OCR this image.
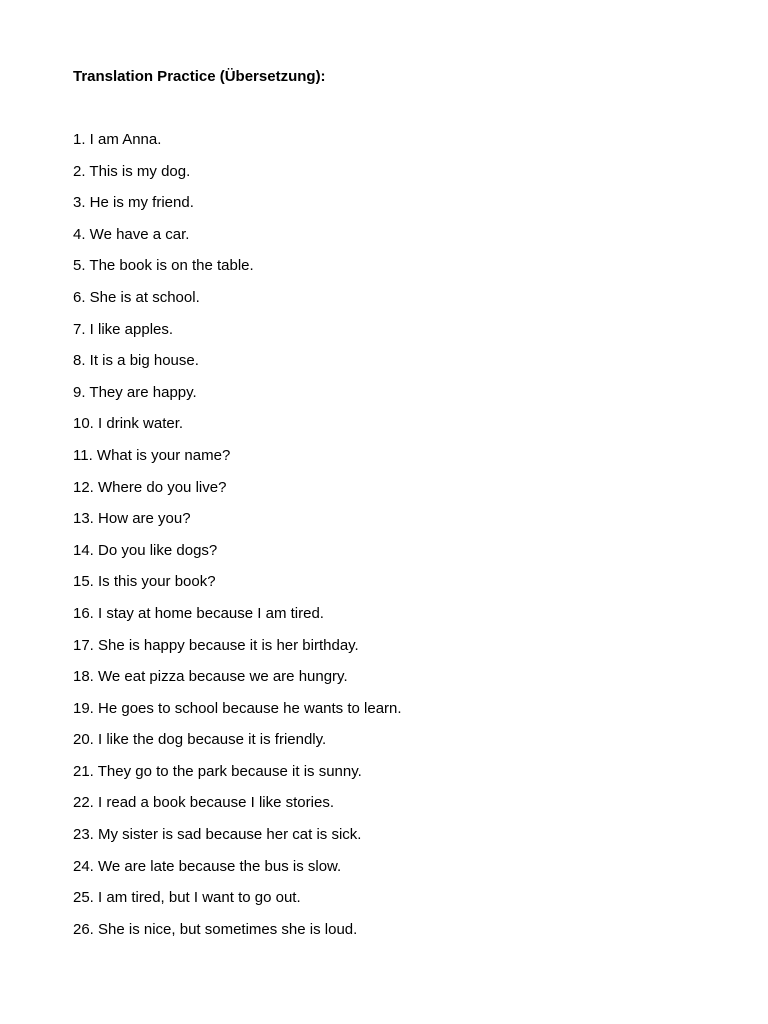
Translation Practice (Übersetzung):
1. I am Anna.
2. This is my dog.
3. He is my friend.
4. We have a car.
5. The book is on the table.
6. She is at school.
7. I like apples.
8. It is a big house.
9. They are happy.
10. I drink water.
11. What is your name?
12. Where do you live?
13. How are you?
14. Do you like dogs?
15. Is this your book?
16. I stay at home because I am tired.
17. She is happy because it is her birthday.
18. We eat pizza because we are hungry.
19. He goes to school because he wants to learn.
20. I like the dog because it is friendly.
21. They go to the park because it is sunny.
22. I read a book because I like stories.
23. My sister is sad because her cat is sick.
24. We are late because the bus is slow.
25. I am tired, but I want to go out.
26. She is nice, but sometimes she is loud.
